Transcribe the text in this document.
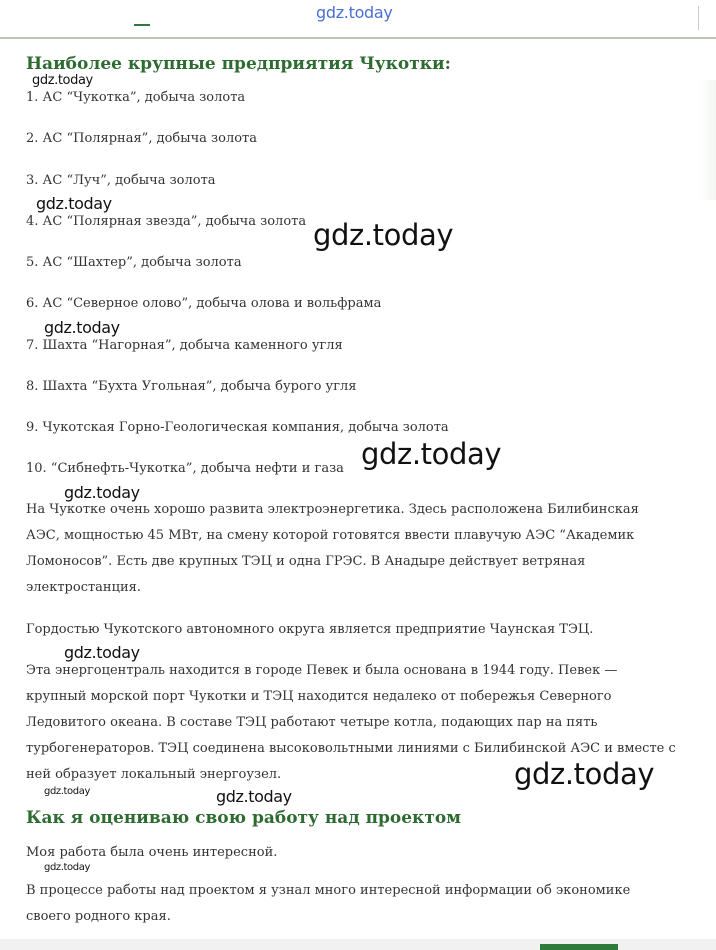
gdz.today
Наиболее крупные предприятия Чукотки:

1. АС “Чукотка”, добыча золота

2. АС “Полярная”, добыча золота

3. АС “Луч”, добыча золота

4. АС “Полярная звезда”, добыча золота

5. АС “Шахтер”, добыча золота

6. АС “Северное олово”, добыча олова и вольфрама

7. Шахта “Нагорная”, добыча каменного угля

8. Шахта “Бухта Угольная”, добыча бурого угля

9. Чукотская Горно-Геологическая компания, добыча золота

10. “Сибнефть-Чукотка”, добыча нефти и газа

На Чукотке очень хорошо развита электроэнергетика. Здесь расположена Билибинская АЭС, мощностью 45 МВт, на смену которой готовятся ввести плавучую АЭС “Академик Ломоносов”. Есть две крупных ТЭЦ и одна ГРЭС. В Анадыре действует ветряная электростанция.

Гордостью Чукотского автономного округа является предприятие Чаунская ТЭЦ.

Эта энергоцентраль находится в городе Певек и была основана в 1944 году. Певек — крупный морской порт Чукотки и ТЭЦ находится недалеко от побережья Северного Ледовитого океана. В составе ТЭЦ работают четыре котла, подающих пар на пять турбогенераторов. ТЭЦ соединена высоковольтными линиями с Билибинской АЭС и вместе с ней образует локальный энергоузел.

Как я оцениваю свою работу над проектом

Моя работа была очень интересной.

В процессе работы над проектом я узнал много интересной информации об экономике своего родного края.

gdz.today
gdz.today
gdz.today
gdz.today
gdz.today
gdz.today
gdz.today
gdz.today
gdz.today	gdz.today
gdz.today
